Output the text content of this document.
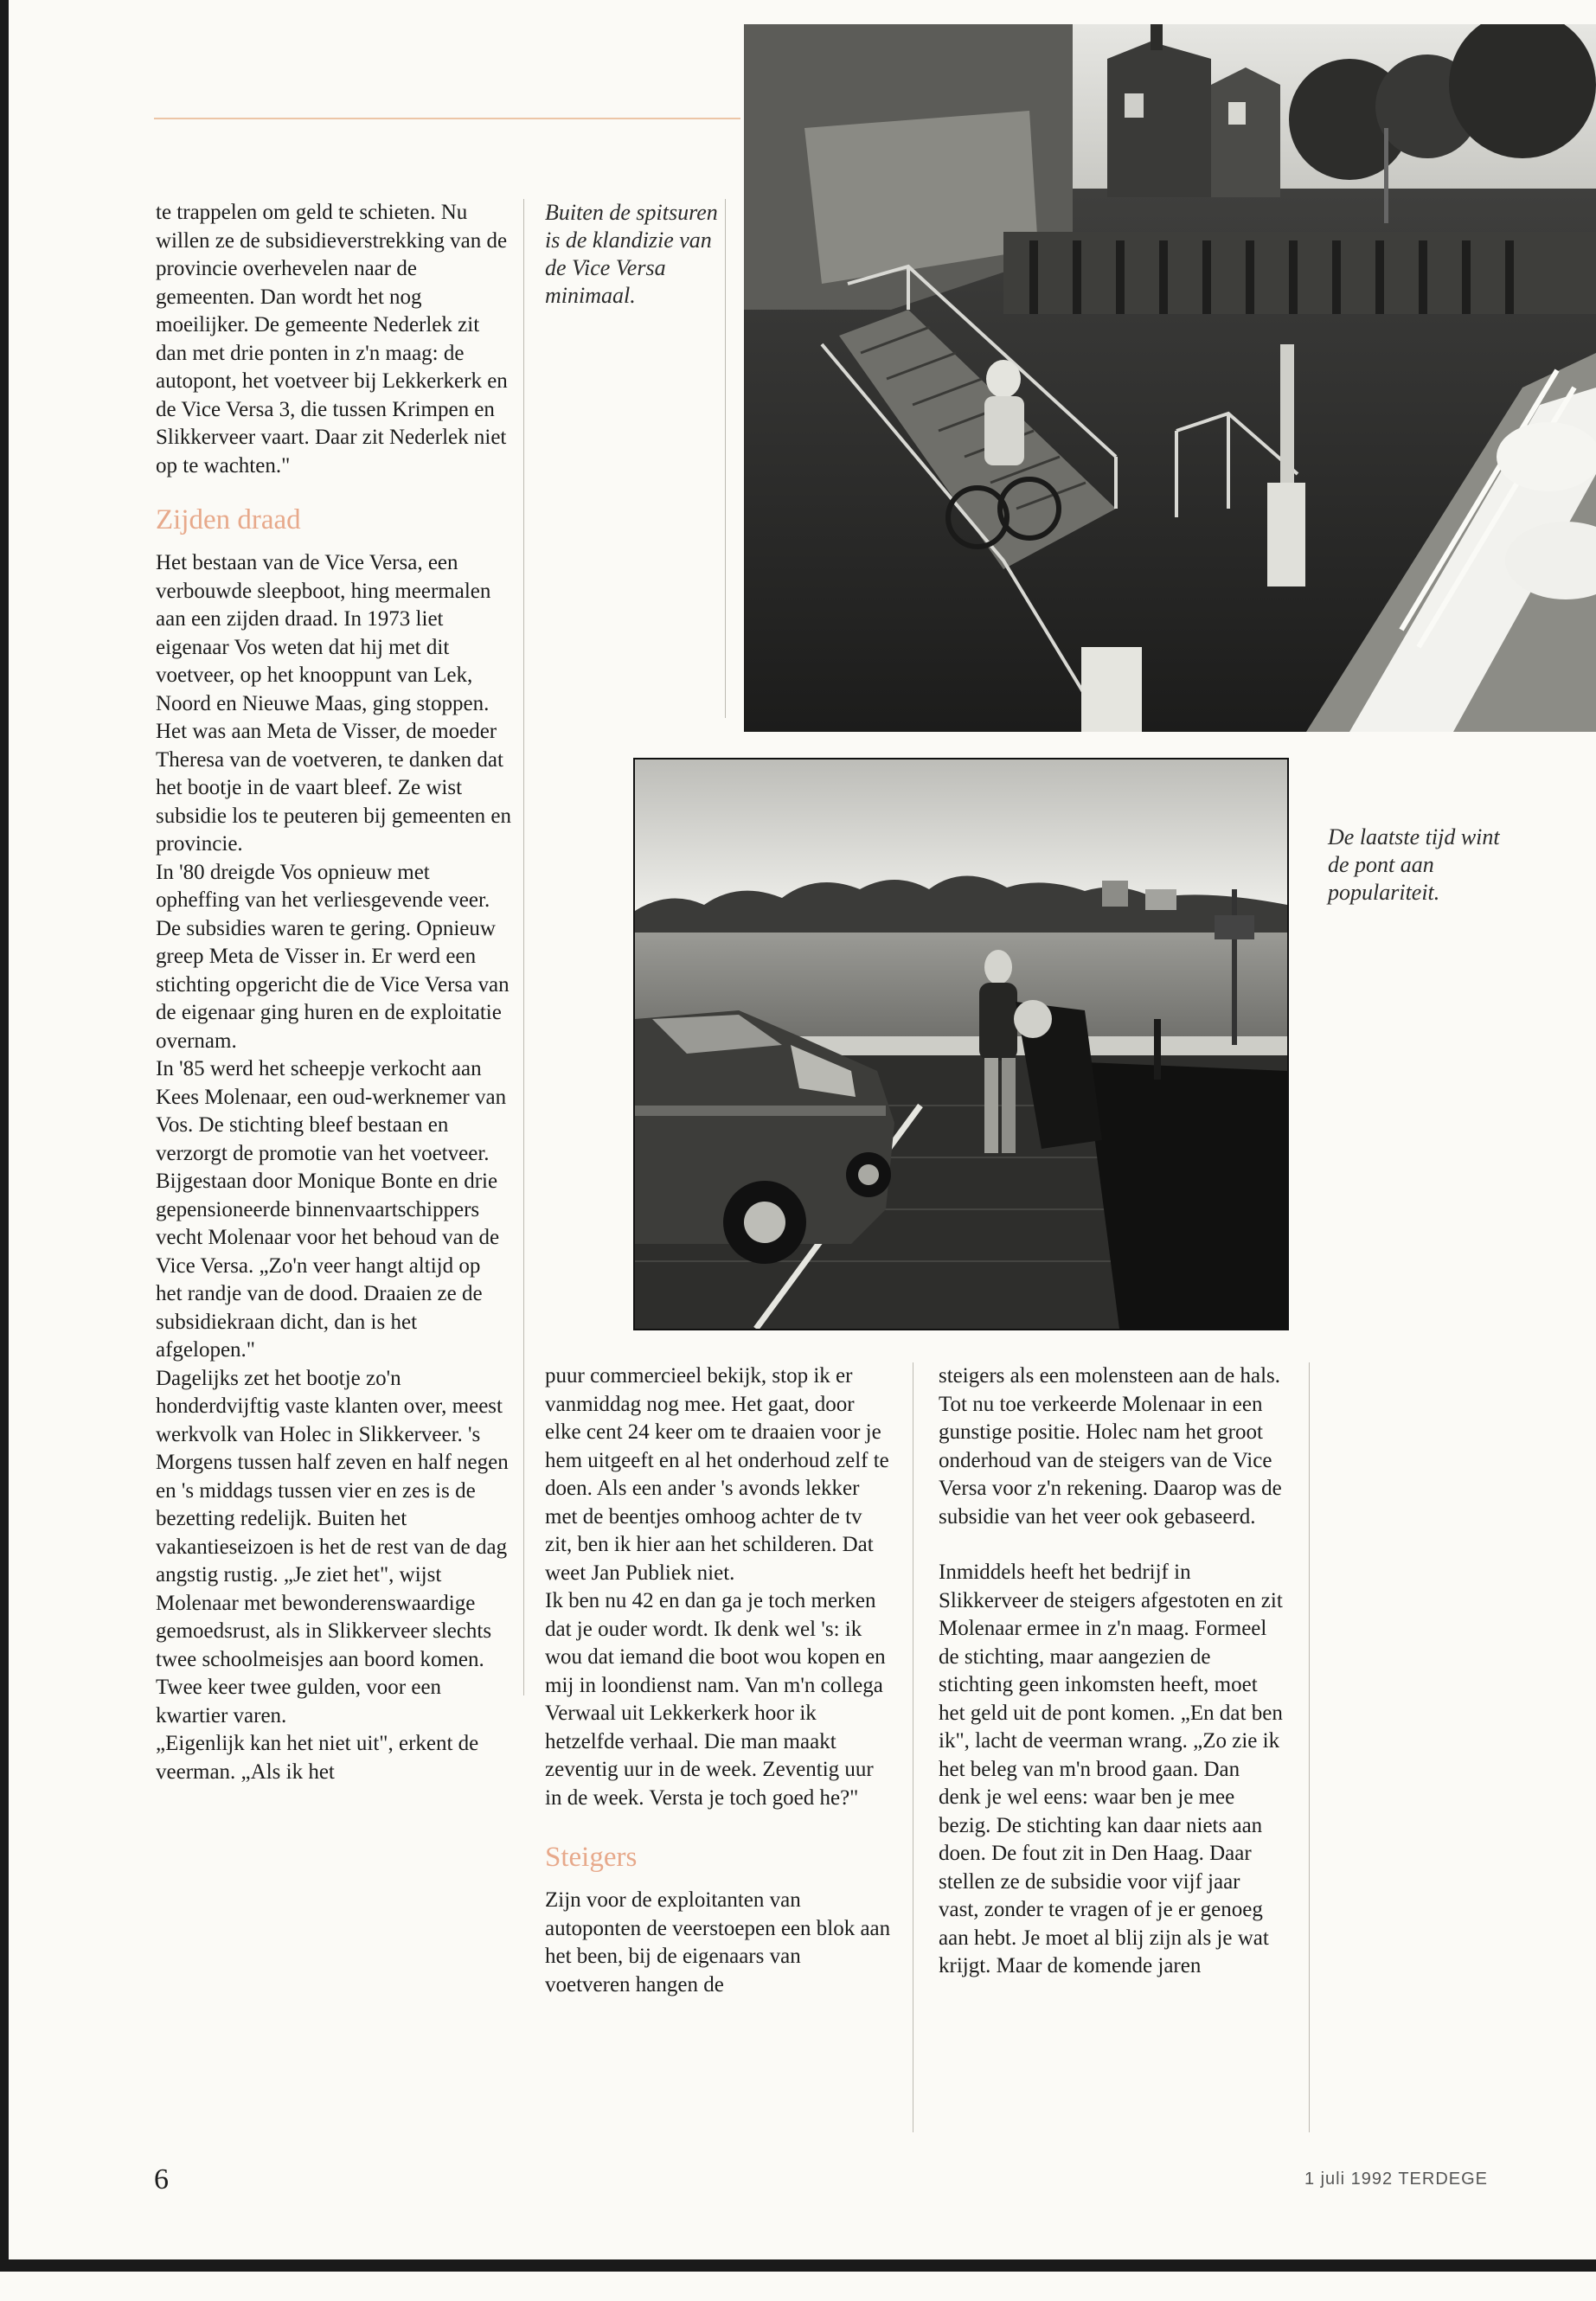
te trappelen om geld te schieten. Nu willen ze de subsidieverstrekking van de provincie overhevelen naar de gemeenten. Dan wordt het nog moeilijker. De gemeente Nederlek zit dan met drie ponten in z'n maag: de autopont, het voetveer bij Lekkerkerk en de Vice Versa 3, die tussen Krimpen en Slikkerveer vaart. Daar zit Nederlek niet op te wachten."

Zijden draad

Het bestaan van de Vice Versa, een verbouwde sleepboot, hing meermalen aan een zijden draad. In 1973 liet eigenaar Vos weten dat hij met dit voetveer, op het knooppunt van Lek, Noord en Nieuwe Maas, ging stoppen. Het was aan Meta de Visser, de moeder Theresa van de voetveren, te danken dat het bootje in de vaart bleef. Ze wist subsidie los te peuteren bij gemeenten en provincie.

In '80 dreigde Vos opnieuw met opheffing van het verliesgevende veer. De subsidies waren te gering. Opnieuw greep Meta de Visser in. Er werd een stichting opgericht die de Vice Versa van de eigenaar ging huren en de exploitatie overnam.

In '85 werd het scheepje verkocht aan Kees Molenaar, een oud-werknemer van Vos. De stichting bleef bestaan en verzorgt de promotie van het voetveer. Bijgestaan door Monique Bonte en drie gepensioneerde binnenvaartschippers vecht Molenaar voor het behoud van de Vice Versa. „Zo'n veer hangt altijd op het randje van de dood. Draaien ze de subsidiekraan dicht, dan is het afgelopen."

Dagelijks zet het bootje zo'n honderdvijftig vaste klanten over, meest werkvolk van Holec in Slikkerveer. 's Morgens tussen half zeven en half negen en 's middags tussen vier en zes is de bezetting redelijk. Buiten het vakantieseizoen is het de rest van de dag angstig rustig. „Je ziet het", wijst Molenaar met bewonderenswaardige gemoedsrust, als in Slikkerveer slechts twee schoolmeisjes aan boord komen. Twee keer twee gulden, voor een kwartier varen.

„Eigenlijk kan het niet uit", erkent de veerman. „Als ik het

Buiten de spitsuren is de klandizie van de Vice Versa minimaal.

De laatste tijd wint de pont aan populariteit.

puur commercieel bekijk, stop ik er vanmiddag nog mee. Het gaat, door elke cent 24 keer om te draaien voor je hem uitgeeft en al het onderhoud zelf te doen. Als een ander 's avonds lekker met de beentjes omhoog achter de tv zit, ben ik hier aan het schilderen. Dat weet Jan Publiek niet.

Ik ben nu 42 en dan ga je toch merken dat je ouder wordt. Ik denk wel 's: ik wou dat iemand die boot wou kopen en mij in loondienst nam. Van m'n collega Verwaal uit Lekkerkerk hoor ik hetzelfde verhaal. Die man maakt zeventig uur in de week. Zeventig uur in de week. Versta je toch goed he?"

Steigers

Zijn voor de exploitanten van autoponten de veerstoepen een blok aan het been, bij de eigenaars van voetveren hangen de

steigers als een molensteen aan de hals. Tot nu toe verkeerde Molenaar in een gunstige positie. Holec nam het groot onderhoud van de steigers van de Vice Versa voor z'n rekening. Daarop was de subsidie van het veer ook gebaseerd.

Inmiddels heeft het bedrijf in Slikkerveer de steigers afgestoten en zit Molenaar ermee in z'n maag. Formeel de stichting, maar aangezien de stichting geen inkomsten heeft, moet het geld uit de pont komen. „En dat ben ik", lacht de veerman wrang. „Zo zie ik het beleg van m'n brood gaan. Dan denk je wel eens: waar ben je mee bezig. De stichting kan daar niets aan doen. De fout zit in Den Haag. Daar stellen ze de subsidie voor vijf jaar vast, zonder te vragen of je er genoeg aan hebt. Je moet al blij zijn als je wat krijgt. Maar de komende jaren

6	1 juli 1992 TERDEGE
